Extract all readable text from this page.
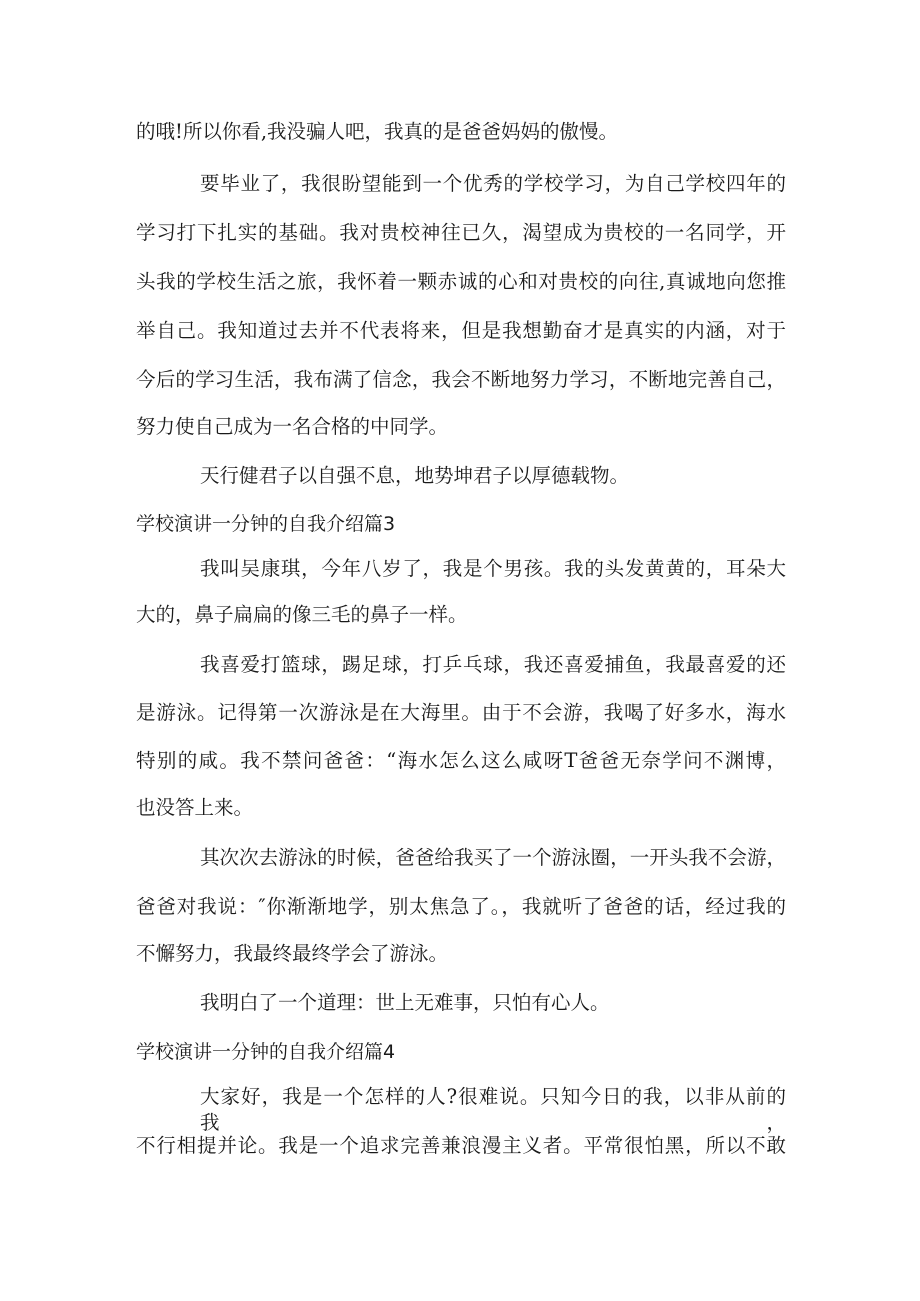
的哦!所以你看,我没骗人吧，我真的是爸爸妈妈的傲慢。
要毕业了，我很盼望能到一个优秀的学校学习，为自己学校四年的
学习打下扎实的基础。我对贵校神往已久，渴望成为贵校的一名同学，开
头我的学校生活之旅，我怀着一颗赤诚的心和对贵校的向往,真诚地向您推
举自己。我知道过去并不代表将来，但是我想勤奋才是真实的内涵，对于
今后的学习生活，我布满了信念，我会不断地努力学习，不断地完善自己，
努力使自己成为一名合格的中同学。
天行健君子以自强不息，地势坤君子以厚德载物。
学校演讲一分钟的自我介绍篇3
我叫吴康琪，今年八岁了，我是个男孩。我的头发黄黄的，耳朵大
大的，鼻子扁扁的像三毛的鼻子一样。
我喜爱打篮球，踢足球，打乒乓球，我还喜爱捕鱼，我最喜爱的还
是游泳。记得第一次游泳是在大海里。由于不会游，我喝了好多水，海水
特别的咸。我不禁问爸爸：“海水怎么这么咸呀T爸爸无奈学问不渊博，
也没答上来。
其次次去游泳的时候，爸爸给我买了一个游泳圈，一开头我不会游，
爸爸对我说：″你渐渐地学，别太焦急了。，我就听了爸爸的话，经过我的
不懈努力，我最终最终学会了游泳。
我明白了一个道理：世上无难事，只怕有心人。
学校演讲一分钟的自我介绍篇4
大家好，我是一个怎样的人?很难说。只知今日的我，以非从前的我，
不行相提并论。我是一个追求完善兼浪漫主义者。平常很怕黑，所以不敢
